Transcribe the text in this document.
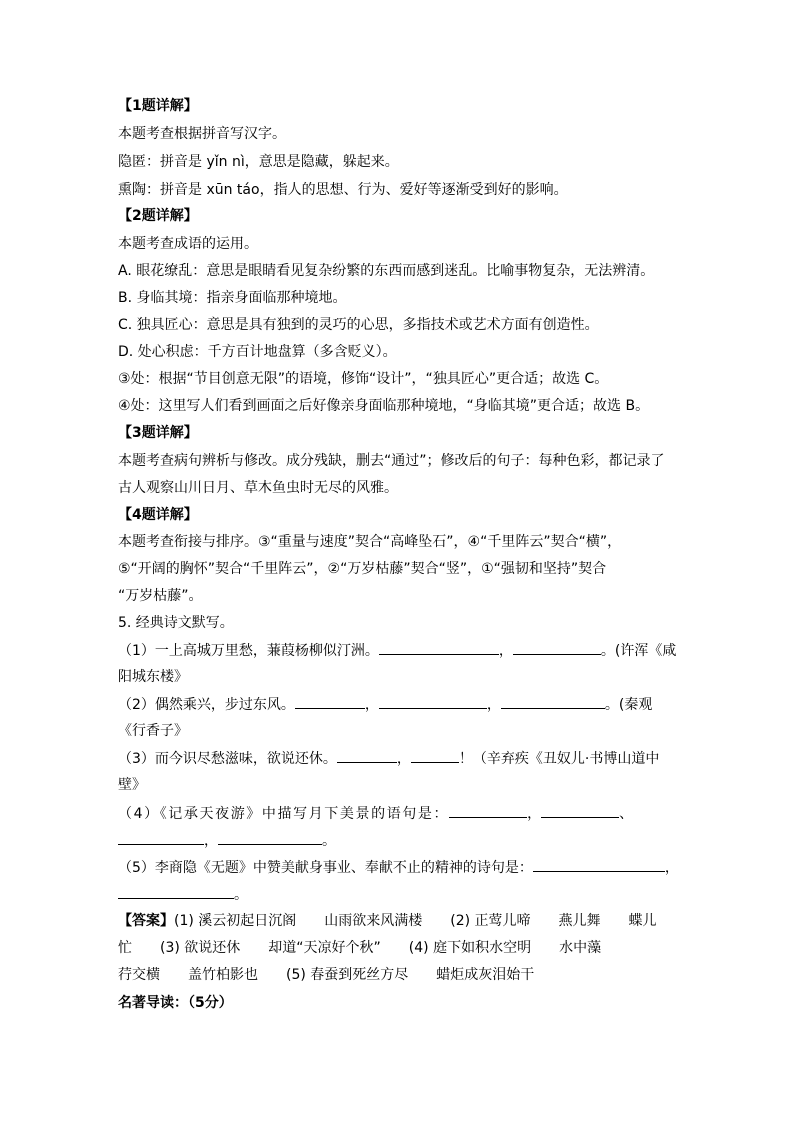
【1题详解】
本题考查根据拼音写汉字。
隐匿：拼音是 yǐn nì，意思是隐藏，躲起来。
熏陶：拼音是 xūn táo，指人的思想、行为、爱好等逐渐受到好的影响。
【2题详解】
本题考查成语的运用。
A. 眼花缭乱：意思是眼睛看见复杂纷繁的东西而感到迷乱。比喻事物复杂，无法辨清。
B. 身临其境：指亲身面临那种境地。
C. 独具匠心：意思是具有独到的灵巧的心思，多指技术或艺术方面有创造性。
D. 处心积虑：千方百计地盘算（多含贬义）。
③处：根据“节目创意无限”的语境，修饰“设计”，“独具匠心”更合适；故选 C。
④处：这里写人们看到画面之后好像亲身面临那种境地，“身临其境”更合适；故选 B。
【3题详解】
本题考查病句辨析与修改。成分残缺，删去“通过”；修改后的句子：每种色彩，都记录了
古人观察山川日月、草木鱼虫时无尽的风雅。
【4题详解】
本题考查衔接与排序。③“重量与速度”契合“高峰坠石”，④“千里阵云”契合“横”，
⑤“开阔的胸怀”契合“千里阵云”，②“万岁枯藤”契合“竖”，①“强韧和坚持”契合
“万岁枯藤”。
5. 经典诗文默写。
（1）一上高城万里愁，蒹葭杨柳似汀洲。	，	。(许浑《咸
阳城东楼》
（2）偶然乘兴，步过东风。	，	，	。(秦观
《行香子》
（3）而今识尽愁滋味，欲说还休。	，	！（辛弃疾《丑奴儿·书博山道中
壁》
（4）《记承天夜游》中描写月下美景的语句是：	，	、
，	。
（5）李商隐《无题》中赞美献身事业、奉献不止的精神的诗句是：	，
。
【答案】(1) 溪云初起日沉阁　　山雨欲来风满楼　　(2) 正莺儿啼　　燕儿舞　　蝶儿
忙　　(3) 欲说还休　　却道“天凉好个秋”　　(4) 庭下如积水空明　　水中藻
荇交横　　盖竹柏影也　　(5) 春蚕到死丝方尽　　蜡炬成灰泪始干
名著导读：（5分）
